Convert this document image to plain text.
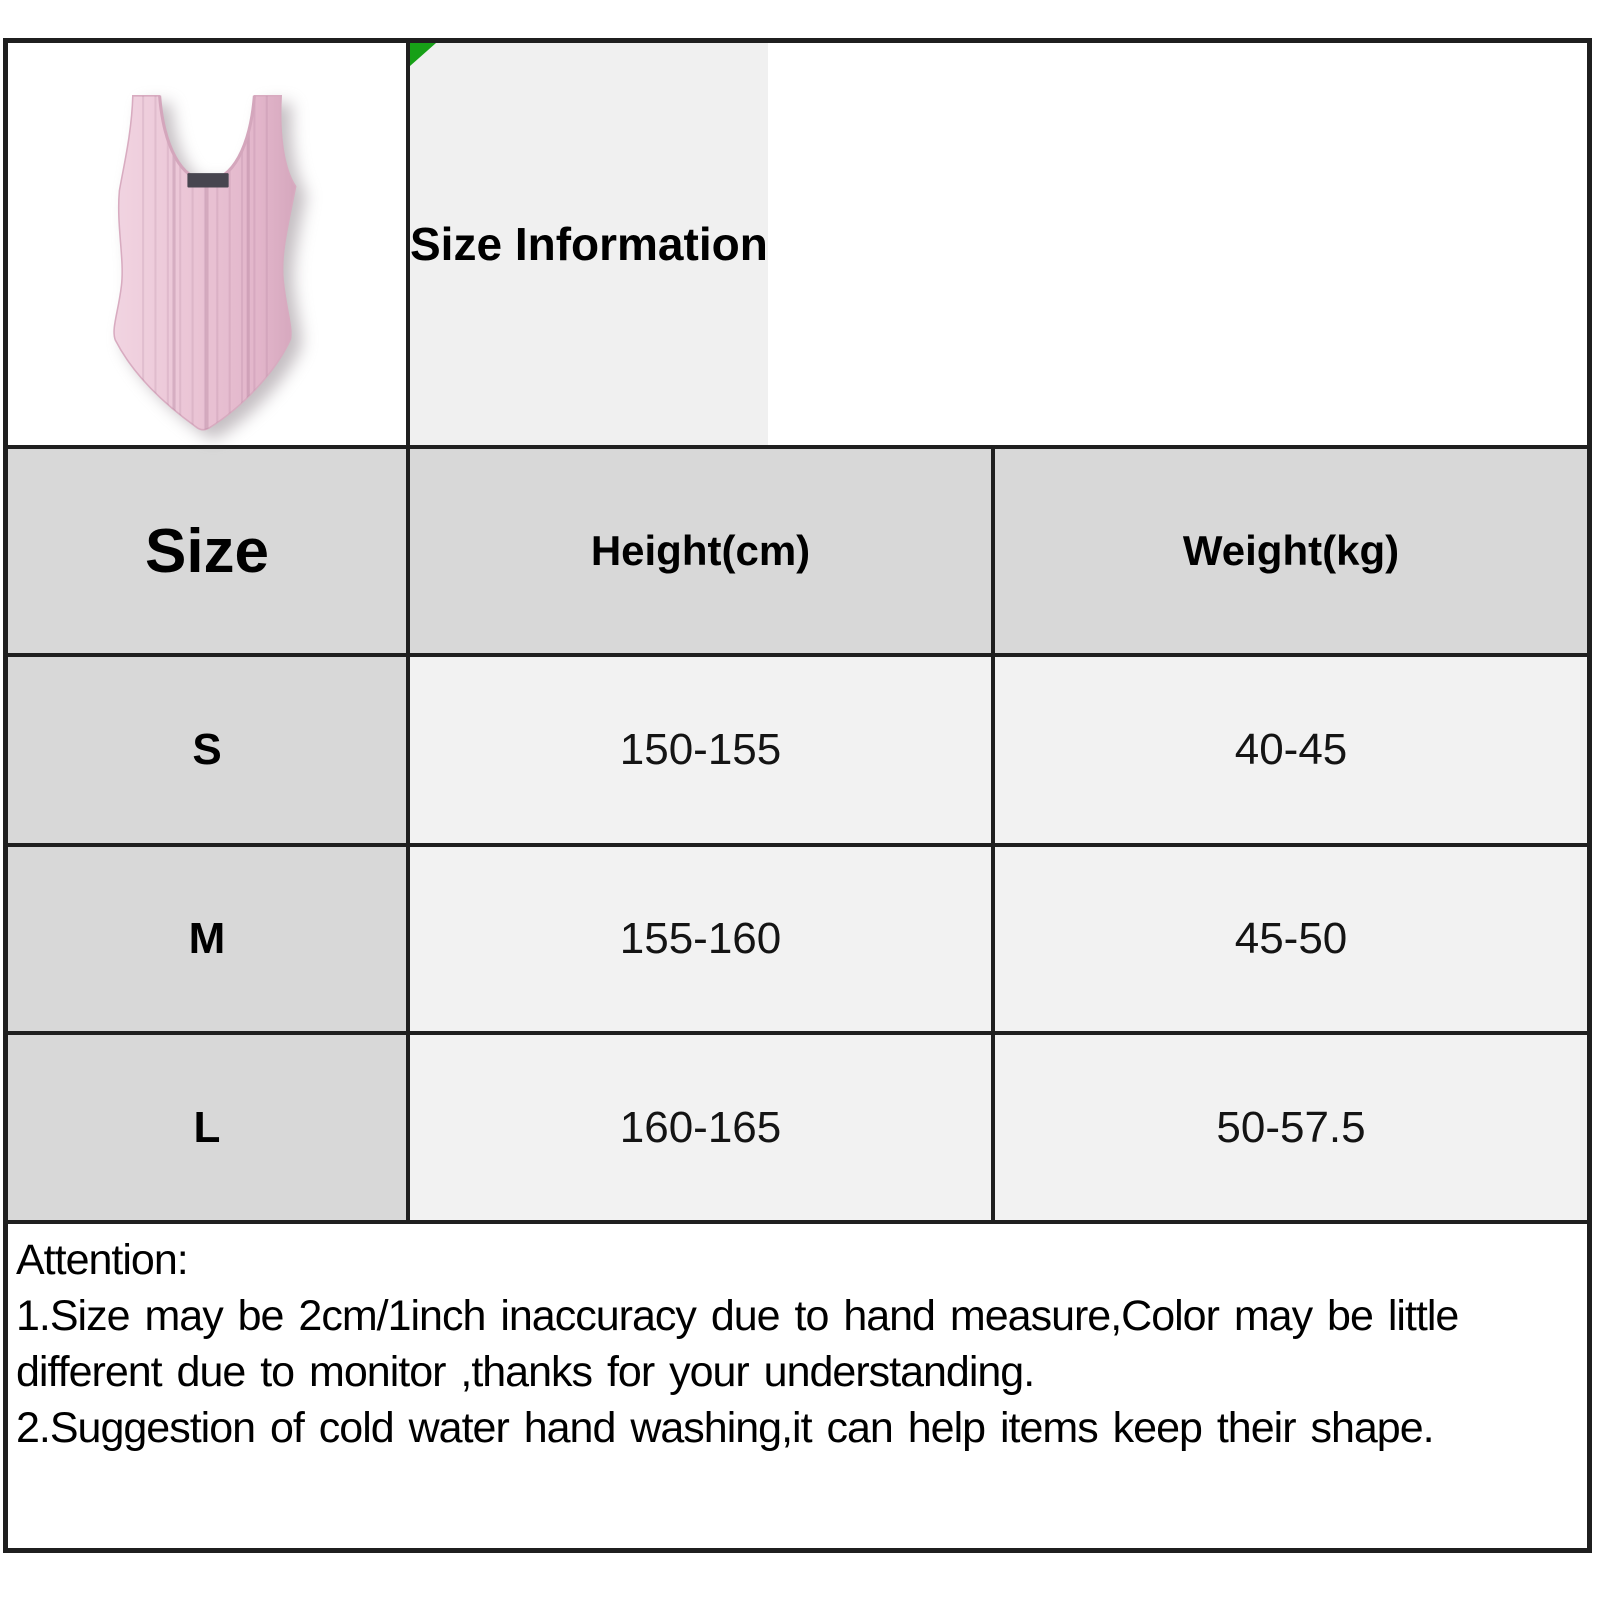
Size Information
Size	Height(cm)	Weight(kg)
S	150-155	40-45
M	155-160	45-50
L	160-165	50-57.5
Attention:
1.Size may be 2cm/1inch inaccuracy due to hand measure,Color may be little
different due to monitor ,thanks for your understanding.
2.Suggestion of cold water hand washing,it can help items keep their shape.
